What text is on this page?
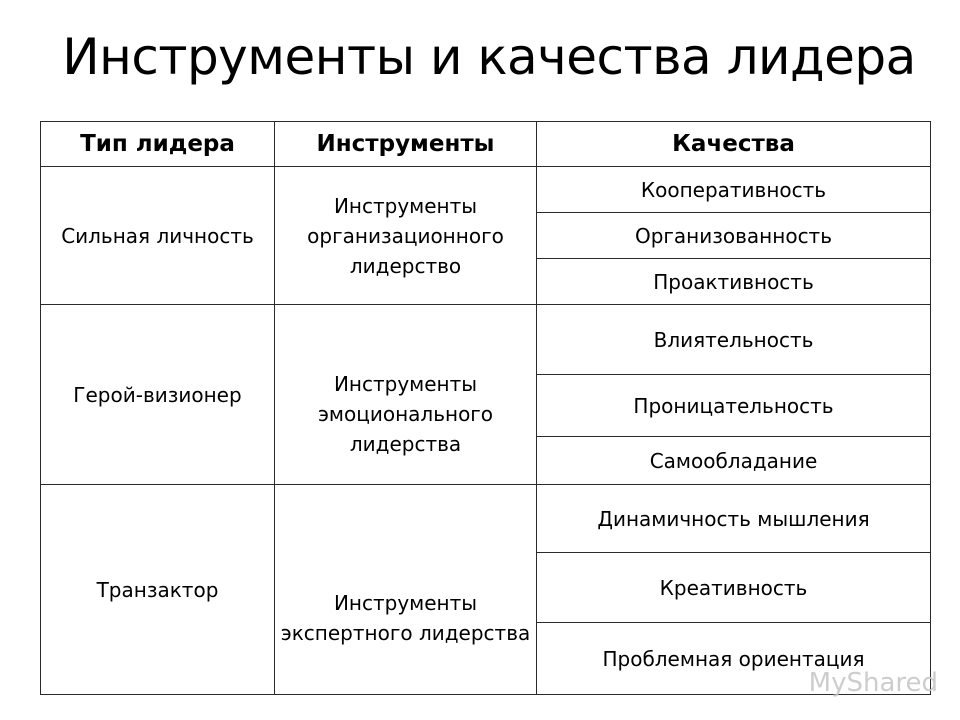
Инструменты и качества лидера
Тип лидера	Инструменты	Качества
Сильная личность	Инструменты организационного лидерство	Кооперативность
		Организованность
		Проактивность
Герой-визионер	Инструменты эмоционального лидерства	Влиятельность
		Проницательность
		Самообладание
Транзактор	Инструменты экспертного лидерства	Динамичность мышления
		Креативность
		Проблемная ориентация
MyShared
